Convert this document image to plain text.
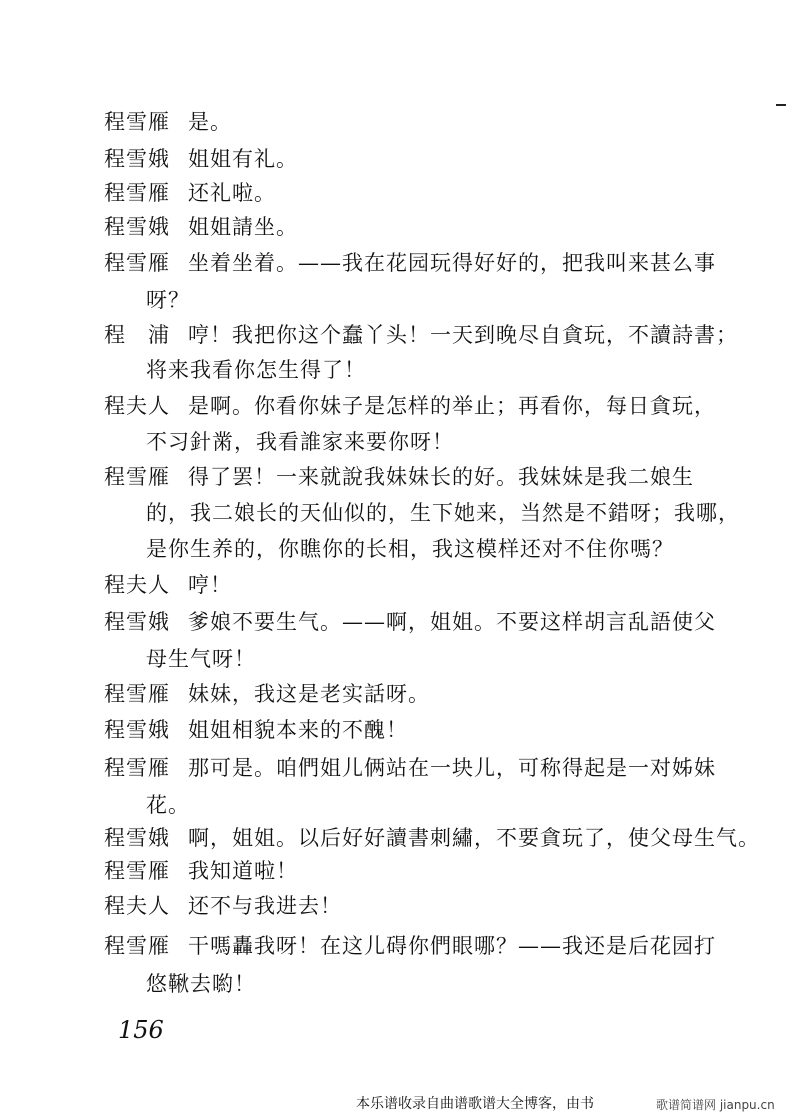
程雪雁 是。
程雪娥 姐姐有礼。
程雪雁 还礼啦。
程雪娥 姐姐請坐。
程雪雁 坐着坐着。——我在花园玩得好好的，把我叫来甚么事
呀？
程　浦 哼！我把你这个蠢丫头！一天到晚尽自貪玩，不讀詩書；
将来我看你怎生得了！
程夫人 是啊。你看你妹子是怎样的举止；再看你，每日貪玩，
不习針黹，我看誰家来要你呀！
程雪雁 得了罢！一来就說我妹妹长的好。我妹妹是我二娘生
的，我二娘长的天仙似的，生下她来，当然是不錯呀；我哪，
是你生养的，你瞧你的长相，我这模样还对不住你嗎？
程夫人 哼！
程雪娥 爹娘不要生气。——啊，姐姐。不要这样胡言乱語使父
母生气呀！
程雪雁 妹妹，我这是老实話呀。
程雪娥 姐姐相貌本来的不醜！
程雪雁 那可是。咱們姐儿俩站在一块儿，可称得起是一对姊妹
花。
程雪娥 啊，姐姐。以后好好讀書刺繡，不要貪玩了，使父母生气。
程雪雁 我知道啦！
程夫人 还不与我进去！
程雪雁 干嗎轟我呀！在这儿碍你們眼哪？——我还是后花园打
悠鞦去喲！
156
本乐谱收录自曲谱歌谱大全博客，由书	歌谱简谱网 jianpu.cn
